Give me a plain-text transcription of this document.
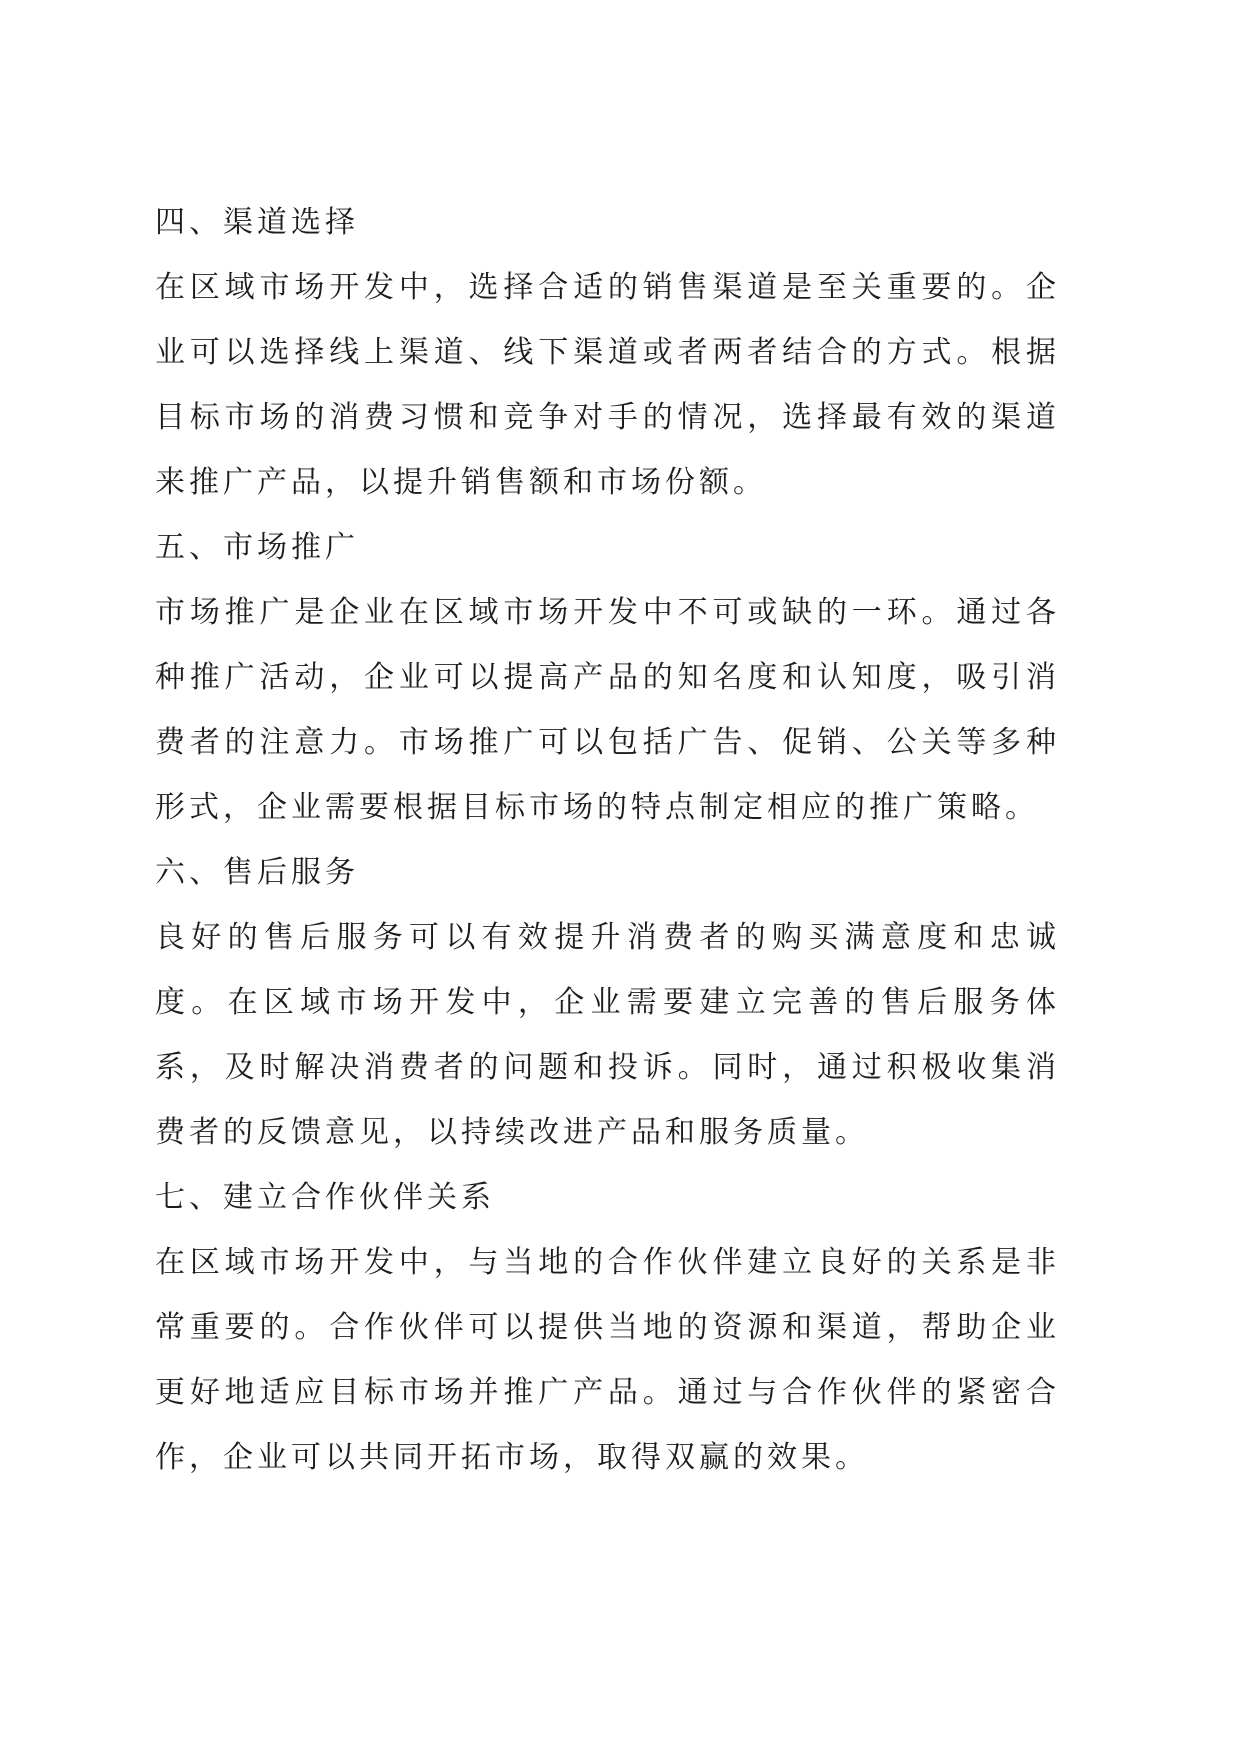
四、渠道选择

在区域市场开发中，选择合适的销售渠道是至关重要的。企业可以选择线上渠道、线下渠道或者两者结合的方式。根据目标市场的消费习惯和竞争对手的情况，选择最有效的渠道来推广产品，以提升销售额和市场份额。

五、市场推广

市场推广是企业在区域市场开发中不可或缺的一环。通过各种推广活动，企业可以提高产品的知名度和认知度，吸引消费者的注意力。市场推广可以包括广告、促销、公关等多种形式，企业需要根据目标市场的特点制定相应的推广策略。

六、售后服务

良好的售后服务可以有效提升消费者的购买满意度和忠诚度。在区域市场开发中，企业需要建立完善的售后服务体系，及时解决消费者的问题和投诉。同时，通过积极收集消费者的反馈意见，以持续改进产品和服务质量。

七、建立合作伙伴关系

在区域市场开发中，与当地的合作伙伴建立良好的关系是非常重要的。合作伙伴可以提供当地的资源和渠道，帮助企业更好地适应目标市场并推广产品。通过与合作伙伴的紧密合作，企业可以共同开拓市场，取得双赢的效果。
